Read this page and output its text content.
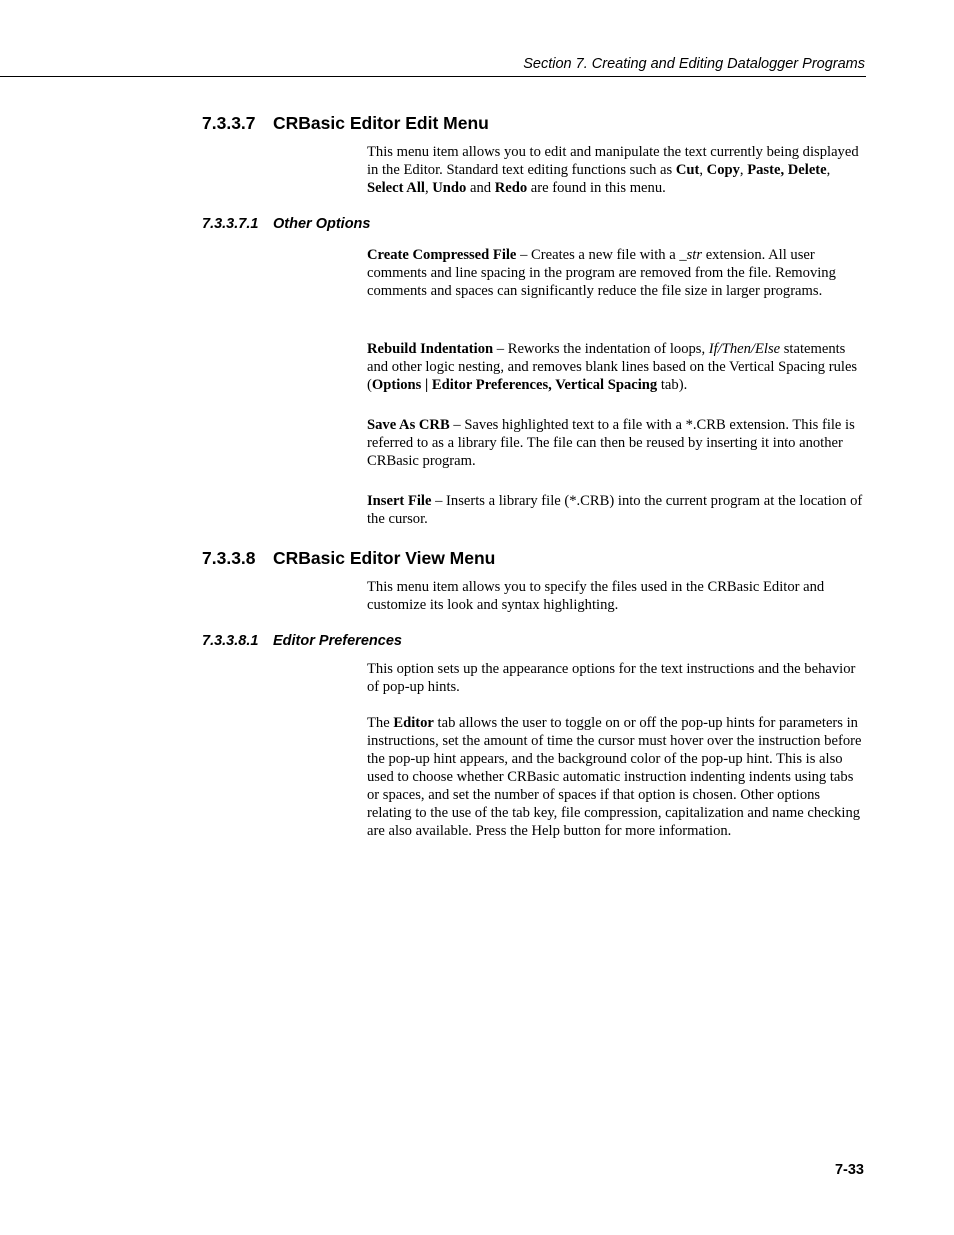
Section 7. Creating and Editing Datalogger Programs
7.3.3.7 CRBasic Editor Edit Menu
This menu item allows you to edit and manipulate the text currently being displayed in the Editor. Standard text editing functions such as Cut, Copy, Paste, Delete, Select All, Undo and Redo are found in this menu.
7.3.3.7.1 Other Options
Create Compressed File – Creates a new file with a _str extension. All user comments and line spacing in the program are removed from the file. Removing comments and spaces can significantly reduce the file size in larger programs.
Rebuild Indentation – Reworks the indentation of loops, If/Then/Else statements and other logic nesting, and removes blank lines based on the Vertical Spacing rules (Options | Editor Preferences, Vertical Spacing tab).
Save As CRB – Saves highlighted text to a file with a *.CRB extension. This file is referred to as a library file. The file can then be reused by inserting it into another CRBasic program.
Insert File – Inserts a library file (*.CRB) into the current program at the location of the cursor.
7.3.3.8 CRBasic Editor View Menu
This menu item allows you to specify the files used in the CRBasic Editor and customize its look and syntax highlighting.
7.3.3.8.1 Editor Preferences
This option sets up the appearance options for the text instructions and the behavior of pop-up hints.
The Editor tab allows the user to toggle on or off the pop-up hints for parameters in instructions, set the amount of time the cursor must hover over the instruction before the pop-up hint appears, and the background color of the pop-up hint. This is also used to choose whether CRBasic automatic instruction indenting indents using tabs or spaces, and set the number of spaces if that option is chosen. Other options relating to the use of the tab key, file compression, capitalization and name checking are also available. Press the Help button for more information.
7-33
